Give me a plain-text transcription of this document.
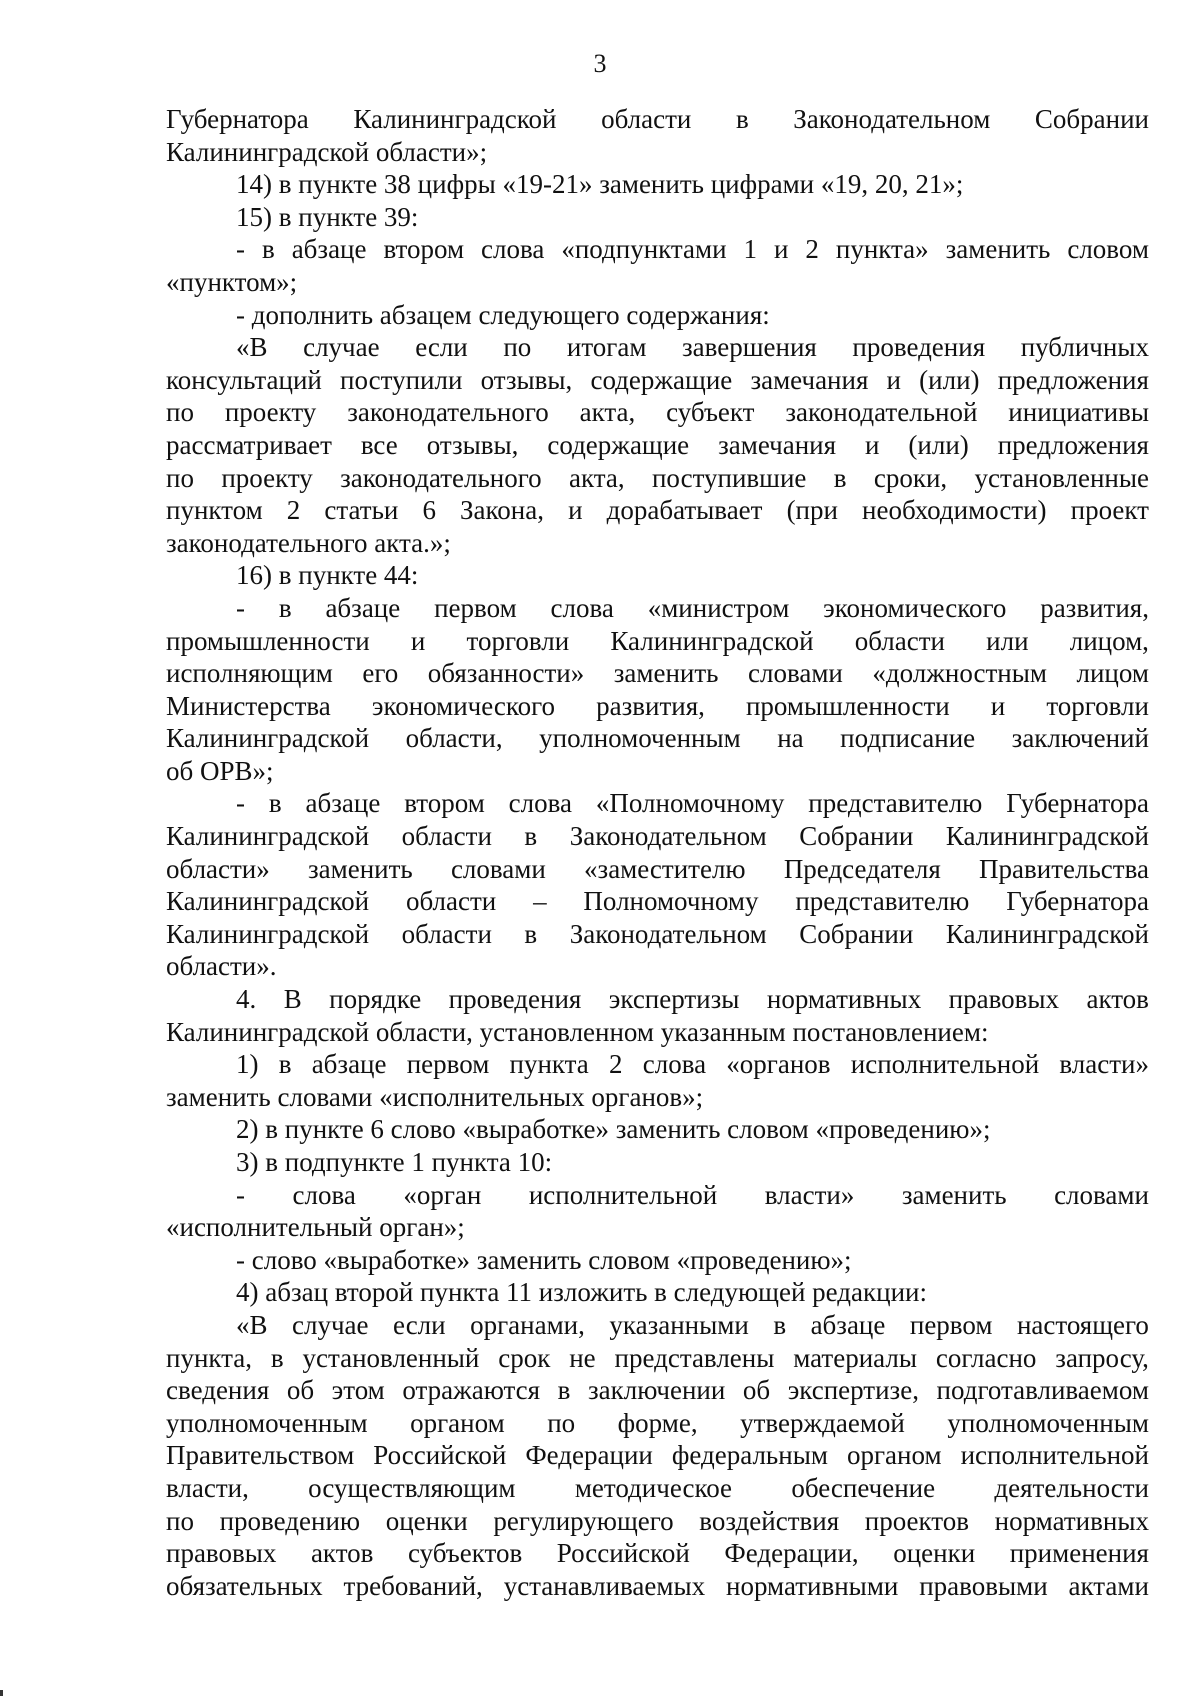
3
Губернатора Калининградской области в Законодательном Собрании
Калининградской области»;
14) в пункте 38 цифры «19-21» заменить цифрами «19, 20, 21»;
15) в пункте 39:
- в абзаце втором слова «подпунктами 1 и 2 пункта» заменить словом
«пунктом»;
- дополнить абзацем следующего содержания:
«В случае если по итогам завершения проведения публичных
консультаций поступили отзывы, содержащие замечания и (или) предложения
по проекту законодательного акта, субъект законодательной инициативы
рассматривает все отзывы, содержащие замечания и (или) предложения
по проекту законодательного акта, поступившие в сроки, установленные
пунктом 2 статьи 6 Закона, и дорабатывает (при необходимости) проект
законодательного акта.»;
16) в пункте 44:
- в абзаце первом слова «министром экономического развития,
промышленности и торговли Калининградской области или лицом,
исполняющим его обязанности» заменить словами «должностным лицом
Министерства экономического развития, промышленности и торговли
Калининградской области, уполномоченным на подписание заключений
об ОРВ»;
- в абзаце втором слова «Полномочному представителю Губернатора
Калининградской области в Законодательном Собрании Калининградской
области» заменить словами «заместителю Председателя Правительства
Калининградской области – Полномочному представителю Губернатора
Калининградской области в Законодательном Собрании Калининградской
области».
4. В порядке проведения экспертизы нормативных правовых актов
Калининградской области, установленном указанным постановлением:
1) в абзаце первом пункта 2 слова «органов исполнительной власти»
заменить словами «исполнительных органов»;
2) в пункте 6 слово «выработке» заменить словом «проведению»;
3) в подпункте 1 пункта 10:
- слова «орган исполнительной власти» заменить словами
«исполнительный орган»;
- слово «выработке» заменить словом «проведению»;
4) абзац второй пункта 11 изложить в следующей редакции:
«В случае если органами, указанными в абзаце первом настоящего
пункта, в установленный срок не представлены материалы согласно запросу,
сведения об этом отражаются в заключении об экспертизе, подготавливаемом
уполномоченным органом по форме, утверждаемой уполномоченным
Правительством Российской Федерации федеральным органом исполнительной
власти, осуществляющим методическое обеспечение деятельности
по проведению оценки регулирующего воздействия проектов нормативных
правовых актов субъектов Российской Федерации, оценки применения
обязательных требований, устанавливаемых нормативными правовыми актами
